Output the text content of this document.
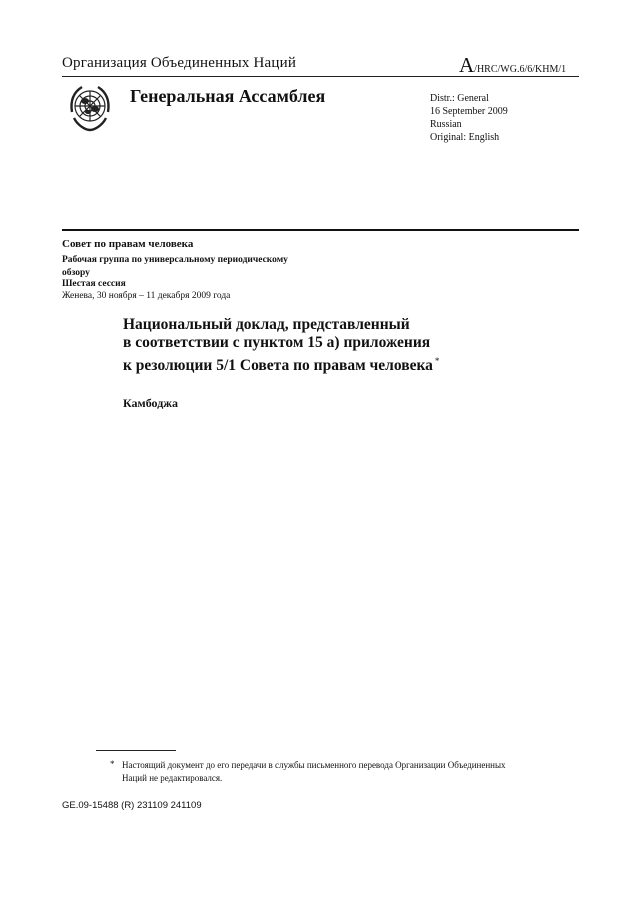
Организация Объединенных Наций	A/HRC/WG.6/6/KHM/1
Генеральная Ассамблея	Distr.: General
16 September 2009
Russian
Original: English
Совет по правам человека
Рабочая группа по универсальному периодическому обзору
Шестая сессия
Женева, 30 ноября – 11 декабря 2009 года
Национальный доклад, представленный
в соответствии с пунктом 15 а) приложения
к резолюции 5/1 Совета по правам человека *
Камбоджа
* Настоящий документ до его передачи в службы письменного перевода Организации Объединенных Наций не редактировался.
GE.09-15488 (R) 231109 241109
